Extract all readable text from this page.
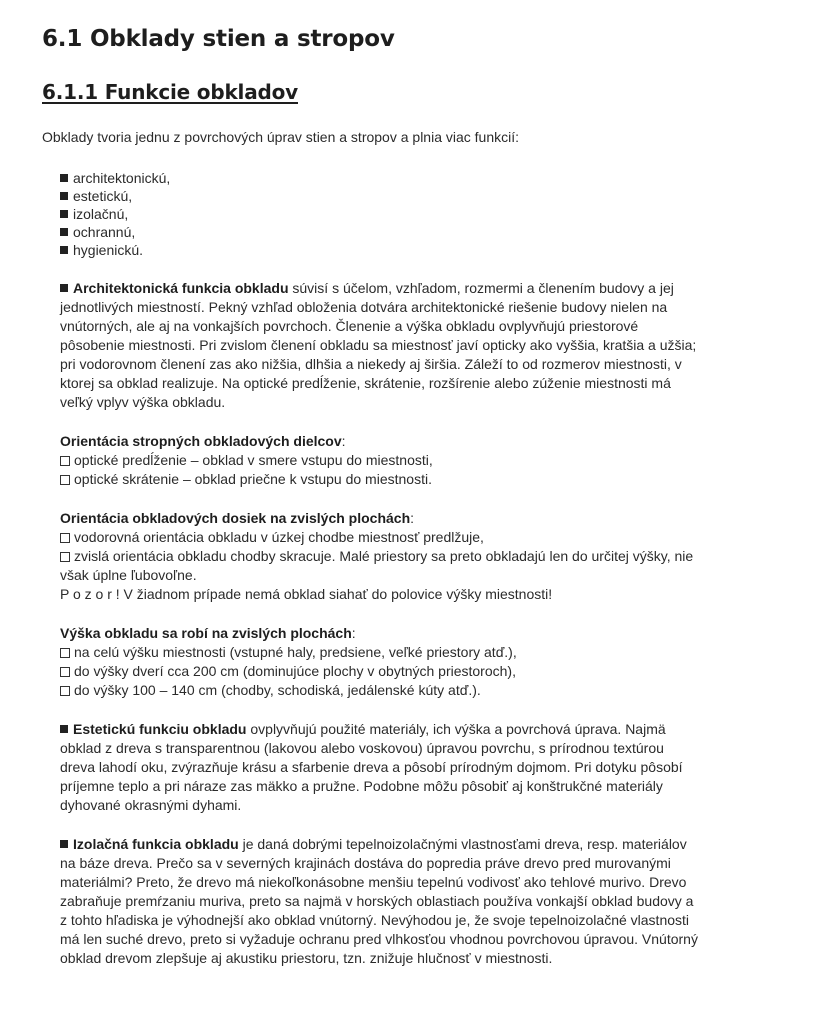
6.1 Obklady stien a stropov
6.1.1 Funkcie obkladov

Obklady tvoria jednu z povrchových úprav stien a stropov a plnia viac funkcií:

architektonickú,
estetickú,
izolačnú,
ochrannú,
hygienickú.
Architektonická funkcia obkladu súvisí s účelom, vzhľadom, rozmermi a členením budovy a jej
jednotlivých miestností. Pekný vzhľad obloženia dotvára architektonické riešenie budovy nielen na
vnútorných, ale aj na vonkajších povrchoch. Členenie a výška obkladu ovplyvňujú priestorové
pôsobenie miestnosti. Pri zvislom členení obkladu sa miestnosť javí opticky ako vyššia, kratšia a užšia;
pri vodorovnom členení zas ako nižšia, dlhšia a niekedy aj širšia. Záleží to od rozmerov miestnosti, v
ktorej sa obklad realizuje. Na optické predĺženie, skrátenie, rozšírenie alebo zúženie miestnosti má
veľký vplyv výška obkladu.
Orientácia stropných obkladových dielcov:
optické predĺženie – obklad v smere vstupu do miestnosti,
optické skrátenie – obklad priečne k vstupu do miestnosti.
Orientácia obkladových dosiek na zvislých plochách:
vodorovná orientácia obkladu v úzkej chodbe miestnosť predlžuje,
zvislá orientácia obkladu chodby skracuje. Malé priestory sa preto obkladajú len do určitej výšky, nie
však úplne ľubovoľne.
P o z o r ! V žiadnom prípade nemá obklad siahať do polovice výšky miestnosti!
Výška obkladu sa robí na zvislých plochách:
na celú výšku miestnosti (vstupné haly, predsiene, veľké priestory atď.),
do výšky dverí cca 200 cm (dominujúce plochy v obytných priestoroch),
do výšky 100 – 140 cm (chodby, schodiská, jedálenské kúty atď.).
Estetickú funkciu obkladu ovplyvňujú použité materiály, ich výška a povrchová úprava. Najmä
obklad z dreva s transparentnou (lakovou alebo voskovou) úpravou povrchu, s prírodnou textúrou
dreva lahodí oku, zvýrazňuje krásu a sfarbenie dreva a pôsobí prírodným dojmom. Pri dotyku pôsobí
príjemne teplo a pri náraze zas mäkko a pružne. Podobne môžu pôsobiť aj konštrukčné materiály
dyhované okrasnými dyhami.
Izolačná funkcia obkladu je daná dobrými tepelnoizolačnými vlastnosťami dreva, resp. materiálov
na báze dreva. Prečo sa v severných krajinách dostáva do popredia práve drevo pred murovanými
materiálmi? Preto, že drevo má niekoľkonásobne menšiu tepelnú vodivosť ako tehlové murivo. Drevo
zabraňuje premŕzaniu muriva, preto sa najmä v horských oblastiach používa vonkajší obklad budovy a
z tohto hľadiska je výhodnejší ako obklad vnútorný. Nevýhodou je, že svoje tepelnoizolačné vlastnosti
má len suché drevo, preto si vyžaduje ochranu pred vlhkosťou vhodnou povrchovou úpravou. Vnútorný
obklad drevom zlepšuje aj akustiku priestoru, tzn. znižuje hlučnosť v miestnosti.
